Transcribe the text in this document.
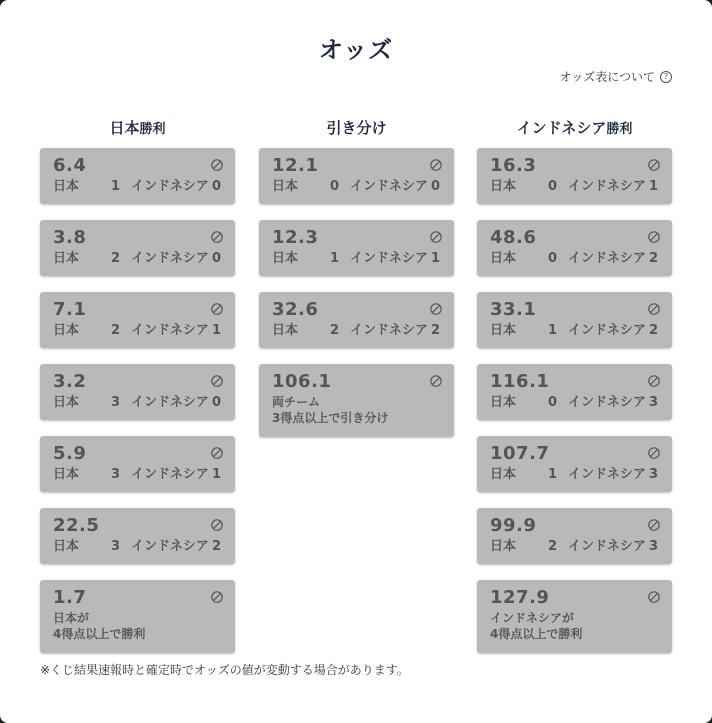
オッズ
オッズ表について	?
日本勝利
6.4
日本	1 インドネシア 0
3.8
日本	2 インドネシア 0
7.1
日本	2 インドネシア 1
3.2
日本	3 インドネシア 0
5.9
日本	3 インドネシア 1
22.5
日本	3 インドネシア 2
1.7
日本が
4得点以上で勝利
引き分け
12.1
日本	0 インドネシア 0
12.3
日本	1 インドネシア 1
32.6
日本	2 インドネシア 2
106.1
両チーム
3得点以上で引き分け
インドネシア勝利
16.3
日本	0 インドネシア 1
48.6
日本	0 インドネシア 2
33.1
日本	1 インドネシア 2
116.1
日本	0 インドネシア 3
107.7
日本	1 インドネシア 3
99.9
日本	2 インドネシア 3
127.9
インドネシアが
4得点以上で勝利
※くじ結果速報時と確定時でオッズの値が変動する場合があります。
